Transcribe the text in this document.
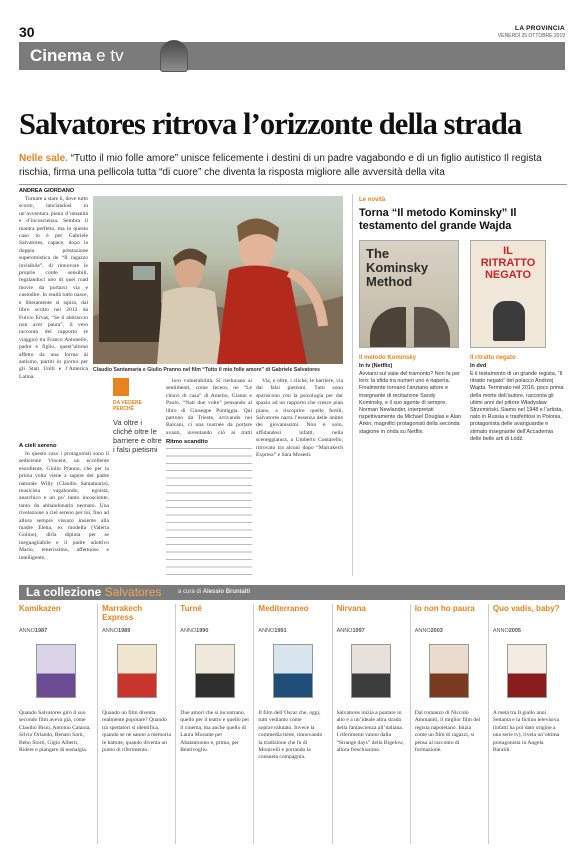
30	LA PROVINCIA
VENERDÌ 25 OTTOBRE 2019
Cinema e tv
Salvatores ritrova l’orizzonte della strada
Nelle sale. “Tutto il mio folle amore” unisce felicemente i destini di un padre vagabondo e di un figlio autistico Il regista rischia, firma una pellicola tutta “di cuore” che diventa la risposta migliore alle avversità della vita
ANDREA GIORDANO

Tornare a stare lì, dove tutto scorre, lanciandosi in un’avventura piena d’umanità e d’incoscienza. Sembra il mantra perfetto, ma in questo caso lo è per Gabriele Salvatores, capace, dopo la doppia prestazione superomistica de “Il ragazzo invisibile”, di rinnovare le proprie corde sensibili, regalandoci uno di quei road movie da portarsi via e custodire. In realtà tutto nasce, e liberamente si ispira, dal libro scritto nel 2012 da Fulvio Ervas, “Se ti abbraccio non aver paura”, il vero racconto del rapporto (e viaggio) tra Franco Antonello, padre e figlio, quest’ultimo affetto da una forma di autismo, partiti in giorno per gli Stati Uniti e l’America Latina.

Claudio Santamaria e Giulio Pranno nel film “Tutto il mio folle amore” di Gabriele Salvatores
A cieli sereno

In questo caso i protagonisti sono il sedicenne Vincent, un eccellente esordiente, Giulio Pranno, che per la prima volta viene a sapere del padre naturale Willy (Claudio Santamaria), musicista vagabondo, egoista, anarchico e un po’ tanto incosciente, tanto da abbandonarlo neonato. Una rivelazione a ciel sereno per lui, fino ad allora sempre vissuto insieme alla madre Elena, ex modella (Valeria Golino), dirla dipinta per se ineguagliabile e il padre adottivo Mario, tenerissimo, affettuoso e intelligente.

DA VEDERE PERCHÉ
Va oltre i cliché oltre le barriere e oltre i falsi pietismi

loro vulnerabilità. Si rieducano ai sentimenti, come fecero, ne “Le chiavi di casa” di Amelio, Gianni e Paolo. “Nati due volte” pensando al libro di Giuseppe Pontiggia. Qui partono da Trieste, arrivando nei Balcani, ci una tournée da portare avanti, inventando ciò ai tratti

Ritmo scandito

Via, e oltre, i cliché, le barriere, via dai falsi pietismi. Tutti sono spariscono con la psicologia per dar spazio ad un rapporto che cresce pian piano, a riscoprire quelle fertili, Salvatores narra l’essenza delle anime dei giovanissimi. Non è solo, affidandosi infatti, nella sceneggiatura, a Umberto Contarello, ritrovato tra alcuni dopo “Marrakech Express” e Sara Mosetti.

Le novità
Torna “Il metodo Kominsky” Il testamento del grande Wajda
The Kominsky Method
IL RITRATTO NEGATO
Il metodo Kominsky
In tv (Netflix)
Avviarsi sul viale del tramonto? Non fa per loro: la sfida tra numeri uno è riaperta. Finalmente tornano l’anziano attore e insegnante di recitazione Sandy Kominsky, e il suo agente di sempre, Norman Newlander, interpretati rispettivamente da Michael Douglas e Alan Arkin, magnifici protagonisti della seconda stagione in onda su Netflix.
Il ritratto negato
In dvd
È il testamento di un grande regista, “Il ritratto negato” del polacco Andrzej Wajda. Terminato nel 2016, poco prima della morte dell’autore, racconta gli ultimi anni del pittore Władysław Strzemiński. Siamo nel 1948 e l’artista, nato in Russia e trasferitosi in Polonia, protagonista delle avanguardie e stimato insegnante dell’Accademia delle belle arti di Łódź.
La collezione Salvatores	a cura di Alessio Brunialti
Kamikazen
ANNO1987
Quando Salvatores girò il suo secondo film aveva già, come Claudio Bisio, Antonio Catania, Silvio Orlando, Renato Sarti, Bebo Storti, Gigio Alberti, Ridere e piangere di nostalgia.
Marrakech Express
ANNO1989
Quando un film diventa realmente popolare? Quando tra spettatori si identifica, quando se ne sanno a memoria le battute, quando diventa un punto di riferimento.
Turné
ANNO1990
Due amori che si incontrano, quello per il teatro e quello per il cinema, ma anche quello di Laura Morante per Abatantuono e, prima, per Bentivoglio.
Mediterraneo
ANNO1991
Il film dell’Oscar che, oggi, tutti vediamo come sopravvalutato. Invece la commedia tiene, rinnovando la tradizione che fu di Monicelli e portando la consueta compagnia.
Nirvana
ANNO1997
Salvatores inizia a puntare in alto e a un’ideale altra strada della fantascienza all’italiana. I riferimenti vanno dalla “Strange days” della Bigelow, allora freschissimo.
Io non ho paura
ANNO2003
Dal romanzo di Niccolò Ammaniti, il miglior film del regista napoletano. Inizia come un film di ragazzi, si pensa al racconto di formazione.
Quo vadis, baby?
ANNO2005
A metà tra Il giallo anni Settanta e la fiction televisiva (infatti ha poi dato origine a una serie tv), rivela un’ottima protagonista in Angela Baraldi.
